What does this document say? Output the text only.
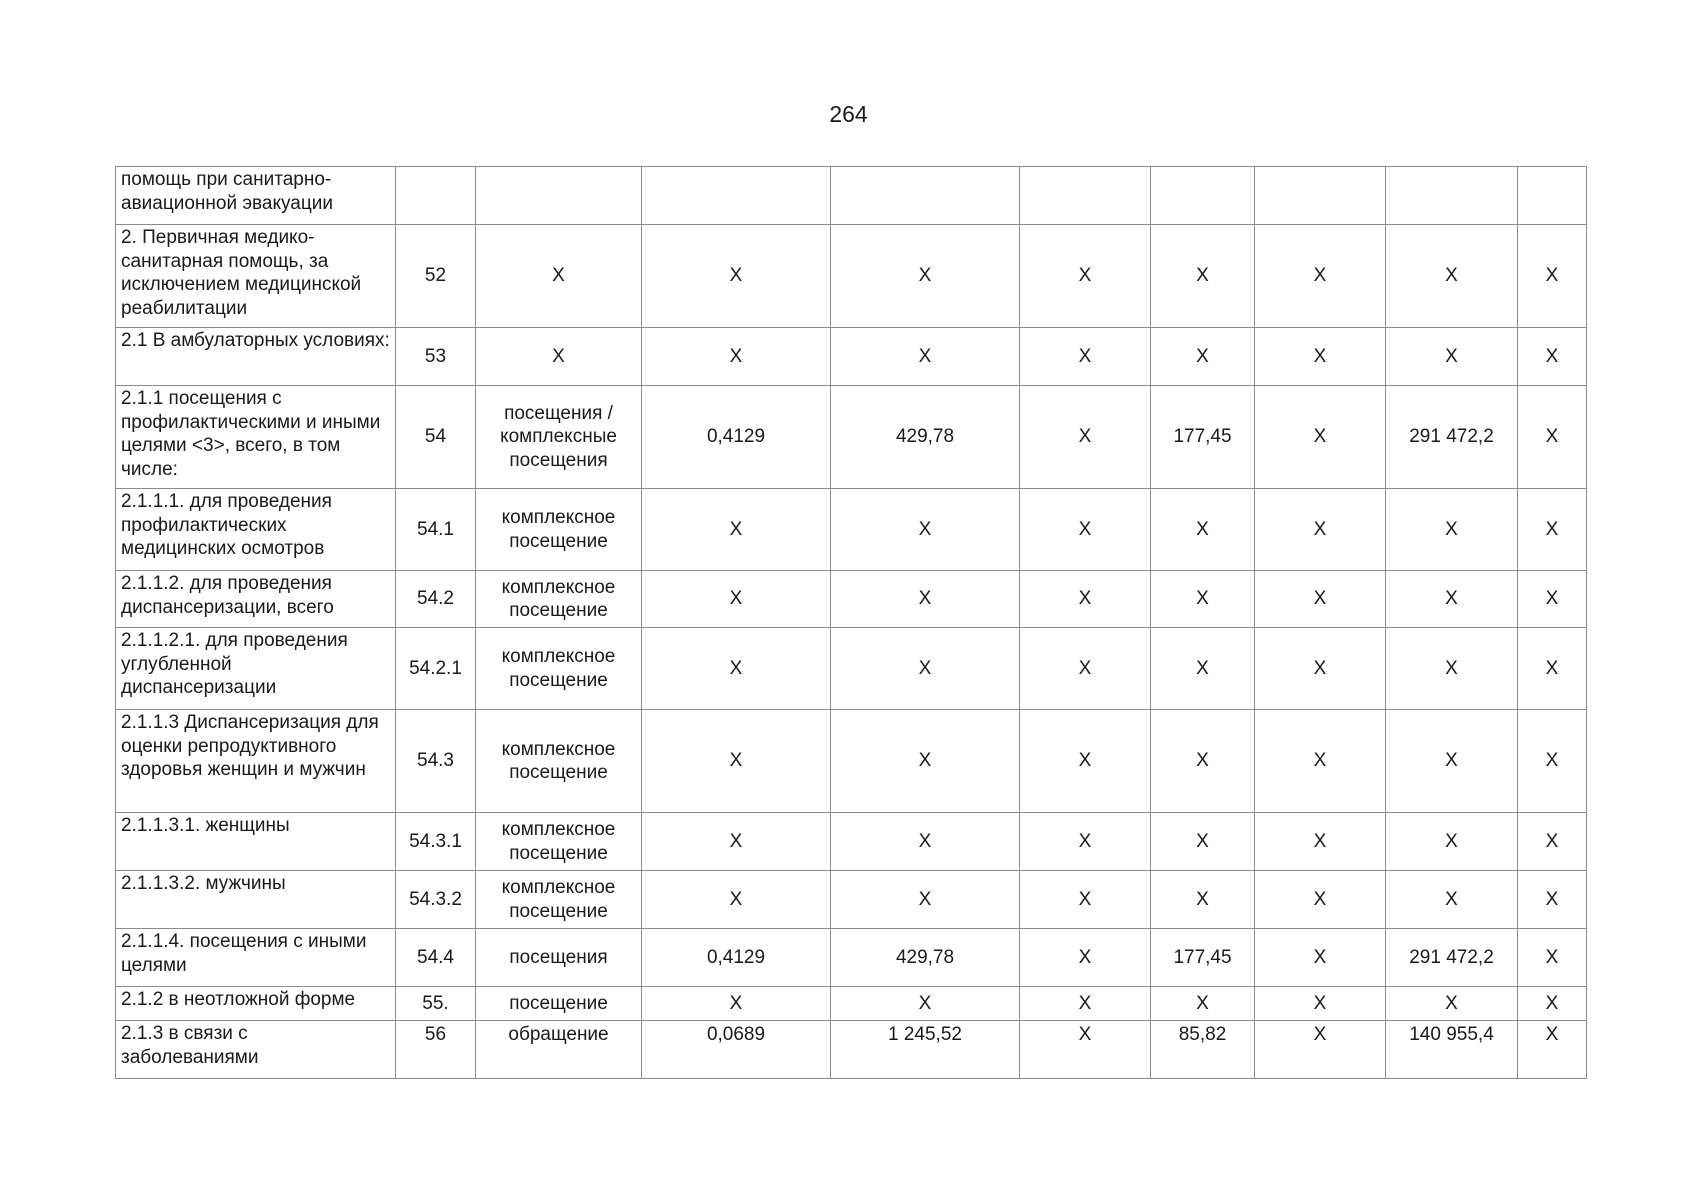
264
помощь при санитарно-авиационной эвакуации									
2. Первичная медико-санитарная помощь, за исключением медицинской реабилитации	52	Х	Х	Х	Х	Х	Х	Х	Х
2.1 В амбулаторных условиях:	53	Х	Х	Х	Х	Х	Х	Х	Х
2.1.1 посещения с профилактическими и иными целями <3>, всего, в том числе:	54	посещения / комплексные посещения	0,4129	429,78	Х	177,45	Х	291 472,2	Х
2.1.1.1. для проведения профилактических медицинских осмотров	54.1	комплексное посещение	Х	Х	Х	Х	Х	Х	Х
2.1.1.2. для проведения диспансеризации, всего	54.2	комплексное посещение	Х	Х	Х	Х	Х	Х	Х
2.1.1.2.1. для проведения углубленной диспансеризации	54.2.1	комплексное посещение	Х	Х	Х	Х	Х	Х	Х
2.1.1.3 Диспансеризация для оценки репродуктивного здоровья женщин и мужчин	54.3	комплексное посещение	Х	Х	Х	Х	Х	Х	Х
2.1.1.3.1. женщины	54.3.1	комплексное посещение	Х	Х	Х	Х	Х	Х	Х
2.1.1.3.2. мужчины	54.3.2	комплексное посещение	Х	Х	Х	Х	Х	Х	Х
2.1.1.4. посещения с иными целями	54.4	посещения	0,4129	429,78	Х	177,45	Х	291 472,2	Х
2.1.2 в неотложной форме	55.	посещение	Х	Х	Х	Х	Х	Х	Х
2.1.3 в связи с заболеваниями	56	обращение	0,0689	1 245,52	Х	85,82	Х	140 955,4	Х
